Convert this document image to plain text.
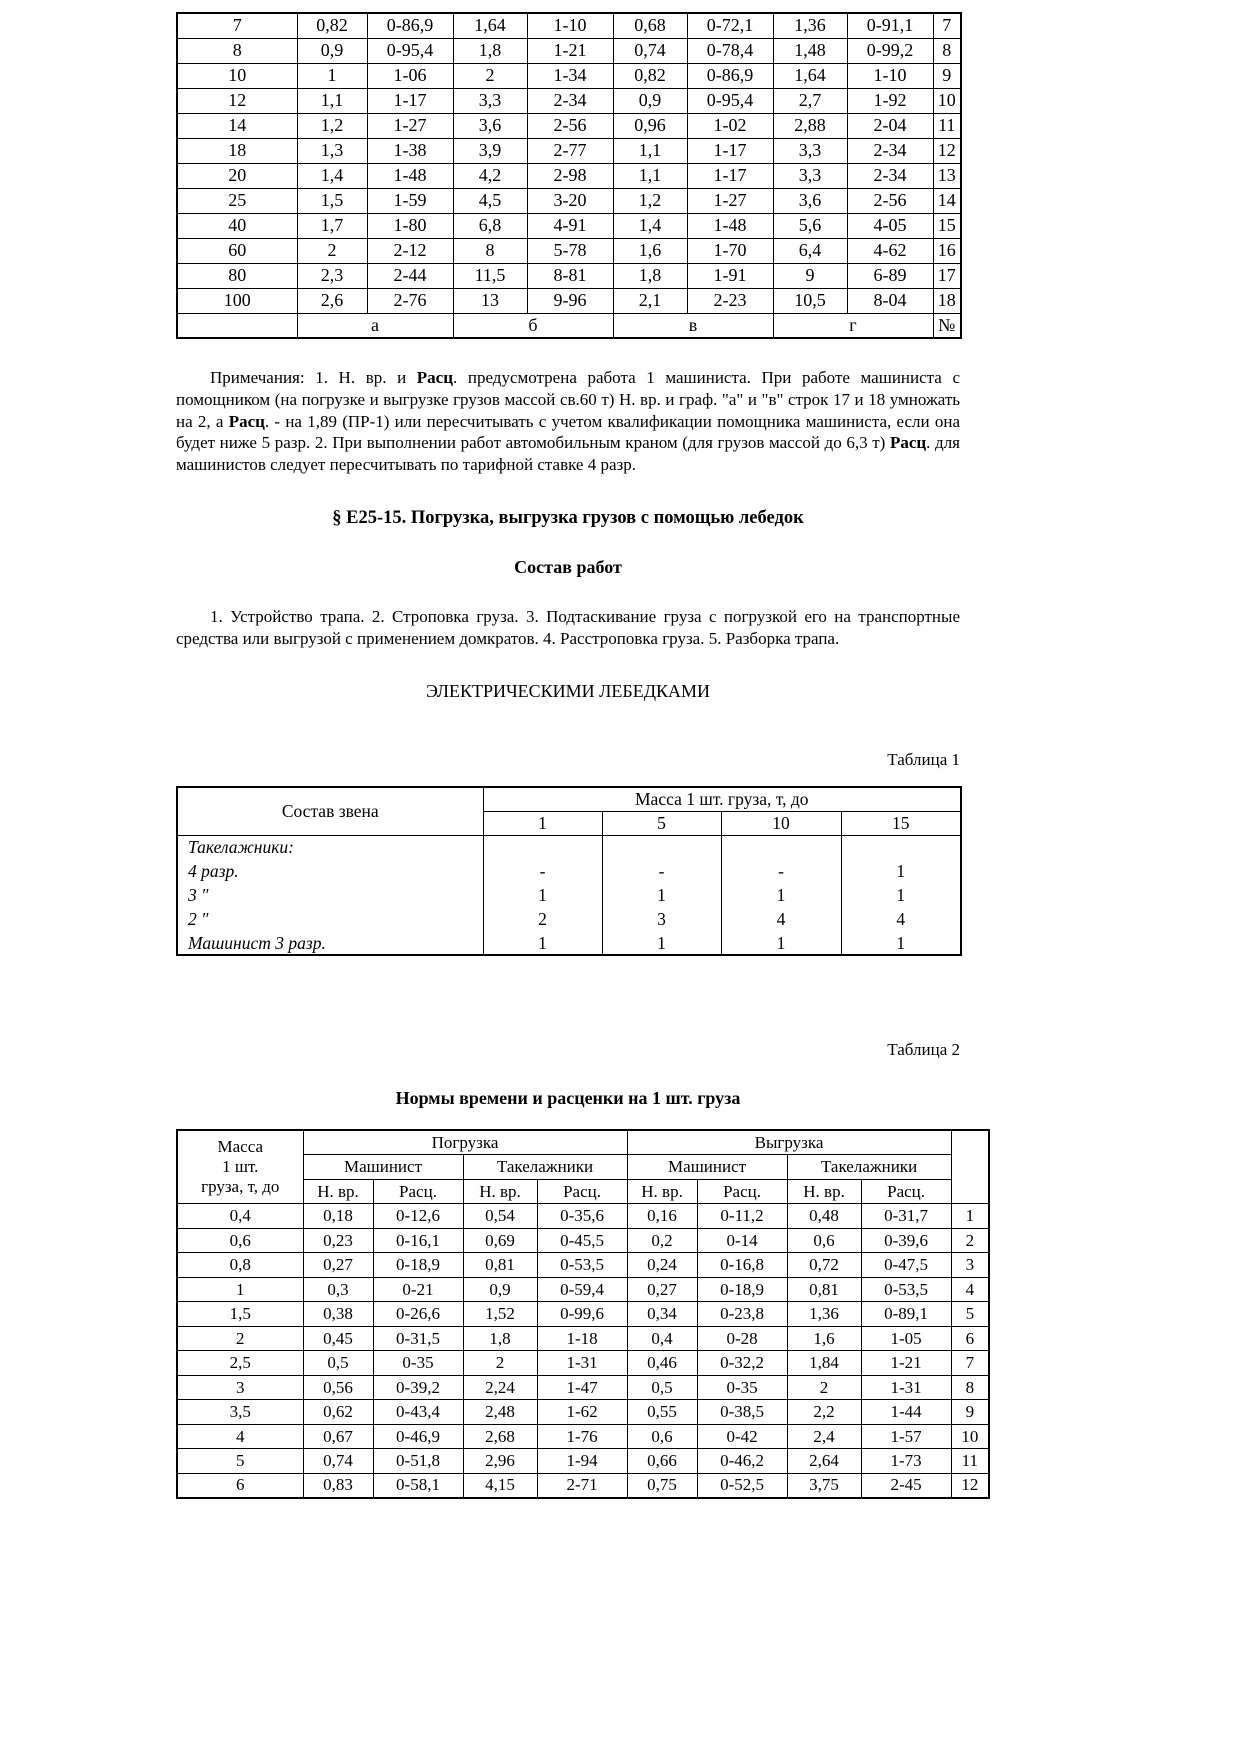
7	0,82	0-86,9	1,64	1-10	0,68	0-72,1	1,36	0-91,1	7
8	0,9	0-95,4	1,8	1-21	0,74	0-78,4	1,48	0-99,2	8
10	1	1-06	2	1-34	0,82	0-86,9	1,64	1-10	9
12	1,1	1-17	3,3	2-34	0,9	0-95,4	2,7	1-92	10
14	1,2	1-27	3,6	2-56	0,96	1-02	2,88	2-04	11
18	1,3	1-38	3,9	2-77	1,1	1-17	3,3	2-34	12
20	1,4	1-48	4,2	2-98	1,1	1-17	3,3	2-34	13
25	1,5	1-59	4,5	3-20	1,2	1-27	3,6	2-56	14
40	1,7	1-80	6,8	4-91	1,4	1-48	5,6	4-05	15
60	2	2-12	8	5-78	1,6	1-70	6,4	4-62	16
80	2,3	2-44	11,5	8-81	1,8	1-91	9	6-89	17
100	2,6	2-76	13	9-96	2,1	2-23	10,5	8-04	18
	а		б		в		г		№

Примечания: 1. Н. вр. и Расц. предусмотрена работа 1 машиниста. При работе машиниста с помощником (на погрузке и выгрузке грузов массой св.60 т) Н. вр. и граф. "а" и "в" строк 17 и 18 умножать на 2, а Расц. - на 1,89 (ПР-1) или пересчитывать с учетом квалификации помощника машиниста, если она будет ниже 5 разр. 2. При выполнении работ автомобильным краном (для грузов массой до 6,3 т) Расц. для машинистов следует пересчитывать по тарифной ставке 4 разр.

§ Е25-15. Погрузка, выгрузка грузов с помощью лебедок
Состав работ

1. Устройство трапа. 2. Строповка груза. 3. Подтаскивание груза с погрузкой его на транспортные средства или выгрузой с применением домкратов. 4. Расстроповка груза. 5. Разборка трапа.

ЭЛЕКТРИЧЕСКИМИ ЛЕБЕДКАМИ
Таблица 1
Состав звена	Масса 1 шт. груза, т, до			
	1	5	10	15
Такелажники:				
4 разр.	-	-	-	1
3 "	1	1	1	1
2 "	2	3	4	4
Машинист 3 разр.	1	1	1	1
Таблица 2
Нормы времени и расценки на 1 шт. груза
Масса
1 шт.
груза, т, до	Погрузка				Выгрузка				
	Машинист		Такелажники		Машинист		Такелажники		
	Н. вр.	Расц.	Н. вр.	Расц.	Н. вр.	Расц.	Н. вр.	Расц.	
0,4	0,18	0-12,6	0,54	0-35,6	0,16	0-11,2	0,48	0-31,7	1
0,6	0,23	0-16,1	0,69	0-45,5	0,2	0-14	0,6	0-39,6	2
0,8	0,27	0-18,9	0,81	0-53,5	0,24	0-16,8	0,72	0-47,5	3
1	0,3	0-21	0,9	0-59,4	0,27	0-18,9	0,81	0-53,5	4
1,5	0,38	0-26,6	1,52	0-99,6	0,34	0-23,8	1,36	0-89,1	5
2	0,45	0-31,5	1,8	1-18	0,4	0-28	1,6	1-05	6
2,5	0,5	0-35	2	1-31	0,46	0-32,2	1,84	1-21	7
3	0,56	0-39,2	2,24	1-47	0,5	0-35	2	1-31	8
3,5	0,62	0-43,4	2,48	1-62	0,55	0-38,5	2,2	1-44	9
4	0,67	0-46,9	2,68	1-76	0,6	0-42	2,4	1-57	10
5	0,74	0-51,8	2,96	1-94	0,66	0-46,2	2,64	1-73	11
6	0,83	0-58,1	4,15	2-71	0,75	0-52,5	3,75	2-45	12
